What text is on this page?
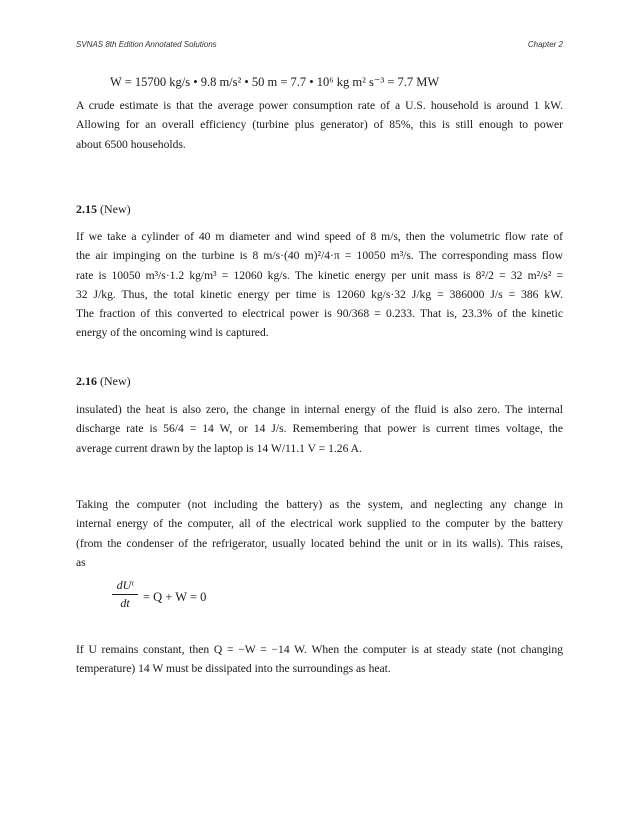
SVNAS 8th Edition Annotated Solutions	Chapter 2
W = 15700 kg/s • 9.8 m/s² • 50 m = 7.7 • 10⁶ kg m² s⁻³ = 7.7 MW

A crude estimate is that the average power consumption rate of a U.S. household is around 1 kW.
Allowing for an overall efficiency (turbine plus generator) of 85%, this is still enough to power
about 6500 households.

2.15 (New)

If we take a cylinder of 40 m diameter and wind speed of 8 m/s, then the volumetric flow rate of
the air impinging on the turbine is 8 m/s·(40 m)²/4·π = 10050 m³/s. The corresponding mass flow
rate is 10050 m³/s·1.2 kg/m³ = 12060 kg/s. The kinetic energy per unit mass is 8²/2 = 32 m²/s² =
32 J/kg. Thus, the total kinetic energy per time is 12060 kg/s·32 J/kg = 386000 J/s = 386 kW.
The fraction of this converted to electrical power is 90/368 = 0.233. That is, 23.3% of the kinetic
energy of the oncoming wind is captured.

2.16 (New)

insulated) the heat is also zero, the change in internal energy of the fluid is also zero. The internal
discharge rate is 56/4 = 14 W, or 14 J/s. Remembering that power is current times voltage, the
average current drawn by the laptop is 14 W/11.1 V = 1.26 A.

Taking the computer (not including the battery) as the system, and neglecting any change in
internal energy of the computer, all of the electrical work supplied to the computer by the battery
(from the condenser of the refrigerator, usually located behind the unit or in its walls). This raises,
as

dUᵗ
dt	= Q + W = 0

If U remains constant, then Q = −W = −14 W. When the computer is at steady state (not changing
temperature) 14 W must be dissipated into the surroundings as heat.
